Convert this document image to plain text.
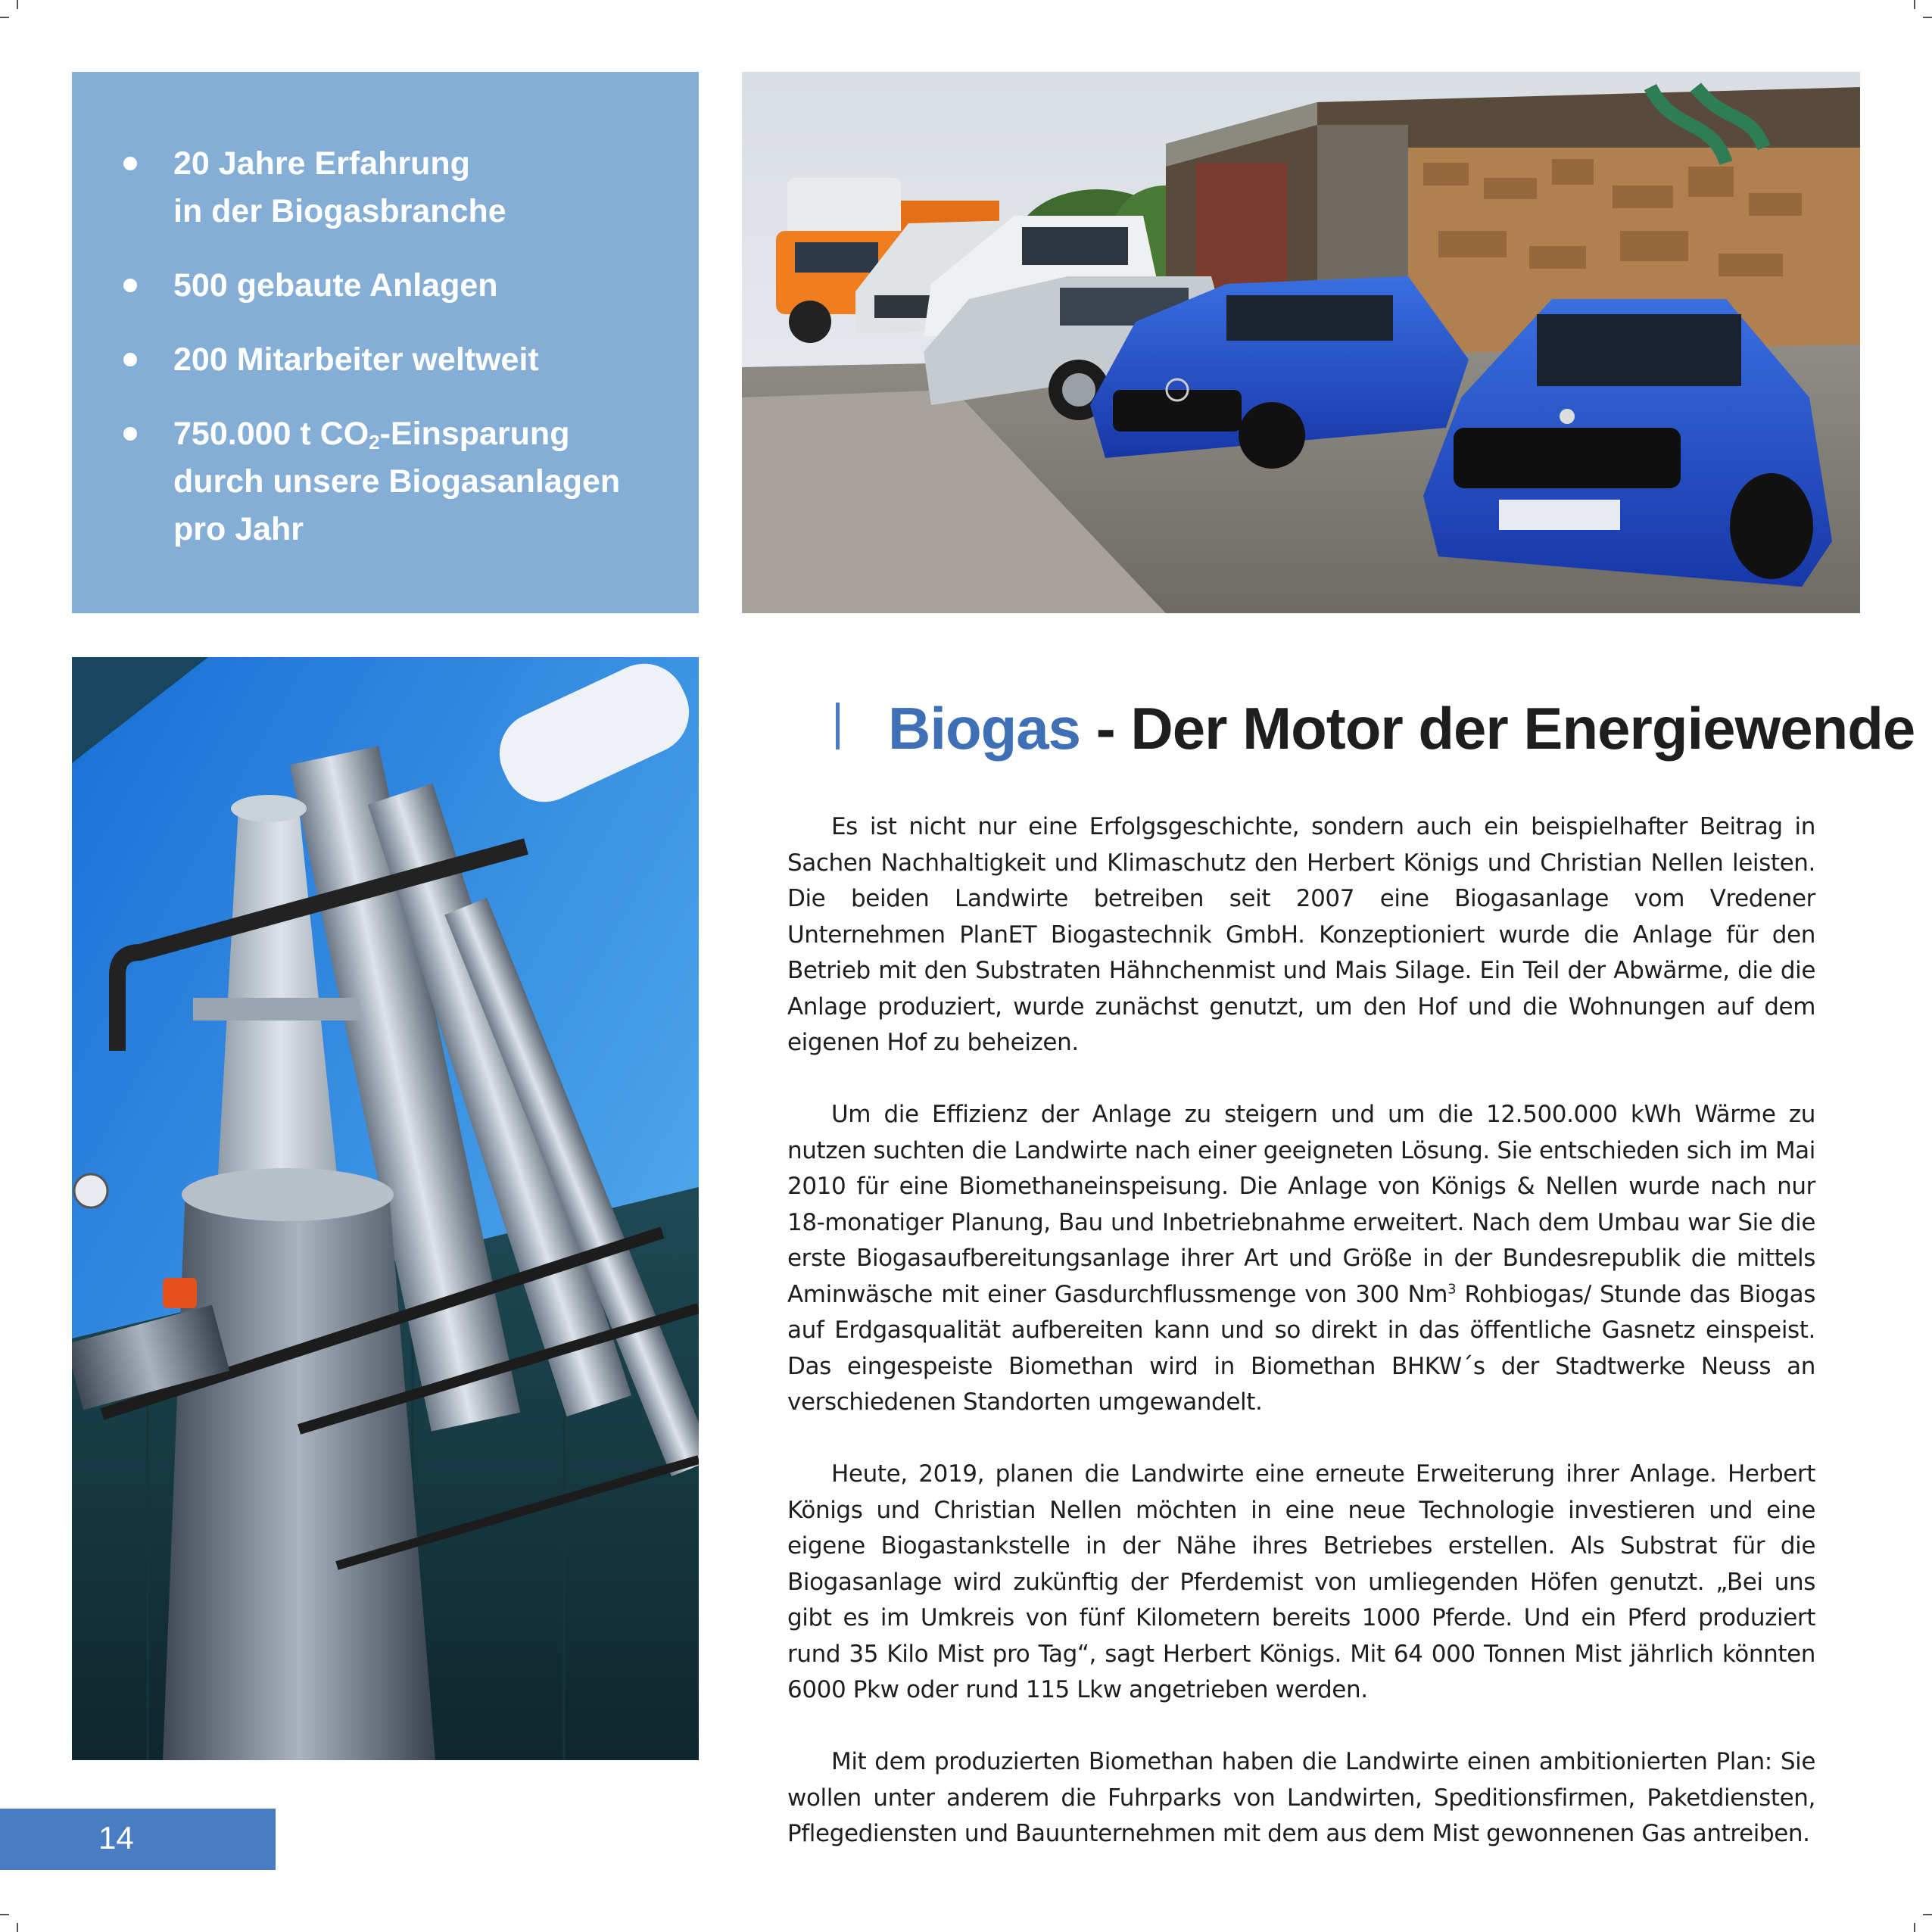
20 Jahre Erfahrung
in der Biogasbranche
500 gebaute Anlagen
200 Mitarbeiter weltweit
750.000 t $CO_2$-Einsparung
durch unsere Biogasanlagen
pro Jahr
Biogas - Der Motor der Energiewende

Es ist nicht nur eine Erfolgsgeschichte, sondern auch ein beispielhafter Beitrag in Sachen Nachhaltigkeit und Klimaschutz den Herbert Königs und Christian Nellen leisten. Die beiden Landwirte betreiben seit 2007 eine Biogasanlage vom Vredener Unternehmen PlanET Biogastechnik GmbH. Konzeptioniert wurde die Anlage für den Betrieb mit den Substraten Hähnchenmist und Mais Silage. Ein Teil der Abwärme, die die Anlage produziert, wurde zunächst genutzt, um den Hof und die Wohnungen auf dem eigenen Hof zu beheizen.

Um die Effizienz der Anlage zu steigern und um die 12.500.000 kWh Wärme zu nutzen suchten die Landwirte nach einer geeigneten Lösung. Sie entschieden sich im Mai 2010 für eine Biomethaneinspeisung. Die Anlage von Königs & Nellen wurde nach nur 18-monatiger Planung, Bau und Inbetriebnahme erweitert. Nach dem Umbau war Sie die erste Biogasaufbereitungsanlage ihrer Art und Größe in der Bundesrepublik die mittels Aminwäsche mit einer Gasdurchflussmenge von 300 Nm$^3$ Rohbiogas/ Stunde das Biogas auf Erdgasqualität aufbereiten kann und so direkt in das öffentliche Gasnetz einspeist. Das eingespeiste Biomethan wird in Biomethan BHKW´s der Stadtwerke Neuss an verschiedenen Standorten umgewandelt.

Heute, 2019, planen die Landwirte eine erneute Erweiterung ihrer Anlage. Herbert Königs und Christian Nellen möchten in eine neue Technologie investieren und eine eigene Biogastankstelle in der Nähe ihres Betriebes erstellen. Als Substrat für die Biogasanlage wird zukünftig der Pferdemist von umliegenden Höfen genutzt. „Bei uns gibt es im Umkreis von fünf Kilometern bereits 1000 Pferde. Und ein Pferd produziert rund 35 Kilo Mist pro Tag“, sagt Herbert Königs. Mit 64 000 Tonnen Mist jährlich könnten 6000 Pkw oder rund 115 Lkw angetrieben werden.

Mit dem produzierten Biomethan haben die Landwirte einen ambitionierten Plan: Sie wollen unter anderem die Fuhrparks von Landwirten, Speditionsfirmen, Paketdiensten, Pflegediensten und Bauunternehmen mit dem aus dem Mist gewonnenen Gas antreiben.

14
